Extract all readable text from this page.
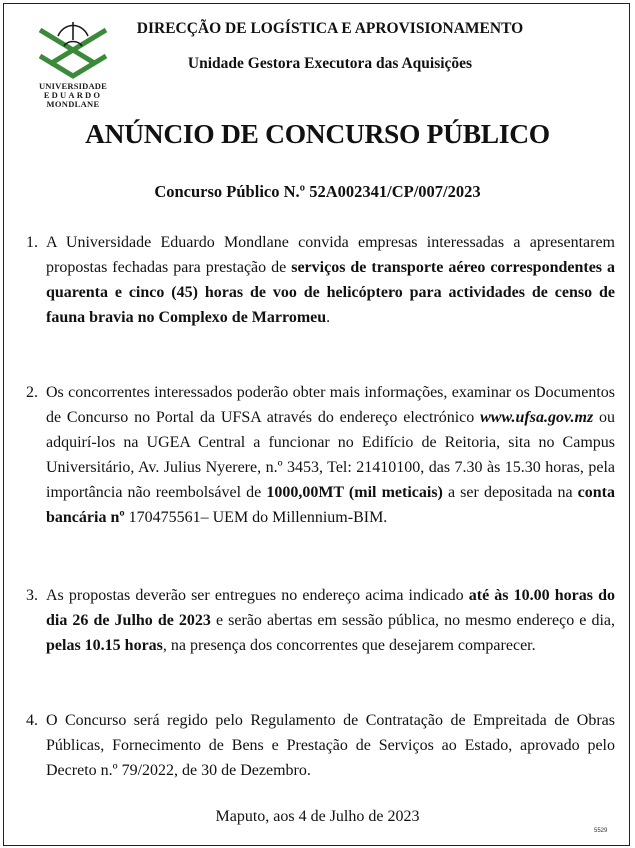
UNIVERSIDADE
EDUARDO
MONDLANE
DIRECÇÃO DE LOGÍSTICA E APROVISIONAMENTO
Unidade Gestora Executora das Aquisições
ANÚNCIO DE CONCURSO PÚBLICO
Concurso Público N.º 52A002341/CP/007/2023
1. A Universidade Eduardo Mondlane convida empresas interessadas a apresentarem propostas fechadas para prestação de serviços de transporte aéreo correspondentes a quarenta e cinco (45) horas de voo de helicóptero para actividades de censo de fauna bravia no Complexo de Marromeu.
2. Os concorrentes interessados poderão obter mais informações, examinar os Documentos de Concurso no Portal da UFSA através do endereço electrónico www.ufsa.gov.mz ou adquirí-los na UGEA Central a funcionar no Edifício de Reitoria, sita no Campus Universitário, Av. Julius Nyerere, n.º 3453, Tel: 21410100, das 7.30 às 15.30 horas, pela importância não reembolsável de 1000,00MT (mil meticais) a ser depositada na conta bancária nº 170475561– UEM do Millennium-BIM.
3. As propostas deverão ser entregues no endereço acima indicado até às 10.00 horas do dia 26 de Julho de 2023 e serão abertas em sessão pública, no mesmo endereço e dia, pelas 10.15 horas, na presença dos concorrentes que desejarem comparecer.
4. O Concurso será regido pelo Regulamento de Contratação de Empreitada de Obras Públicas, Fornecimento de Bens e Prestação de Serviços ao Estado, aprovado pelo Decreto n.º 79/2022, de 30 de Dezembro.
Maputo, aos 4 de Julho de 2023
5529
